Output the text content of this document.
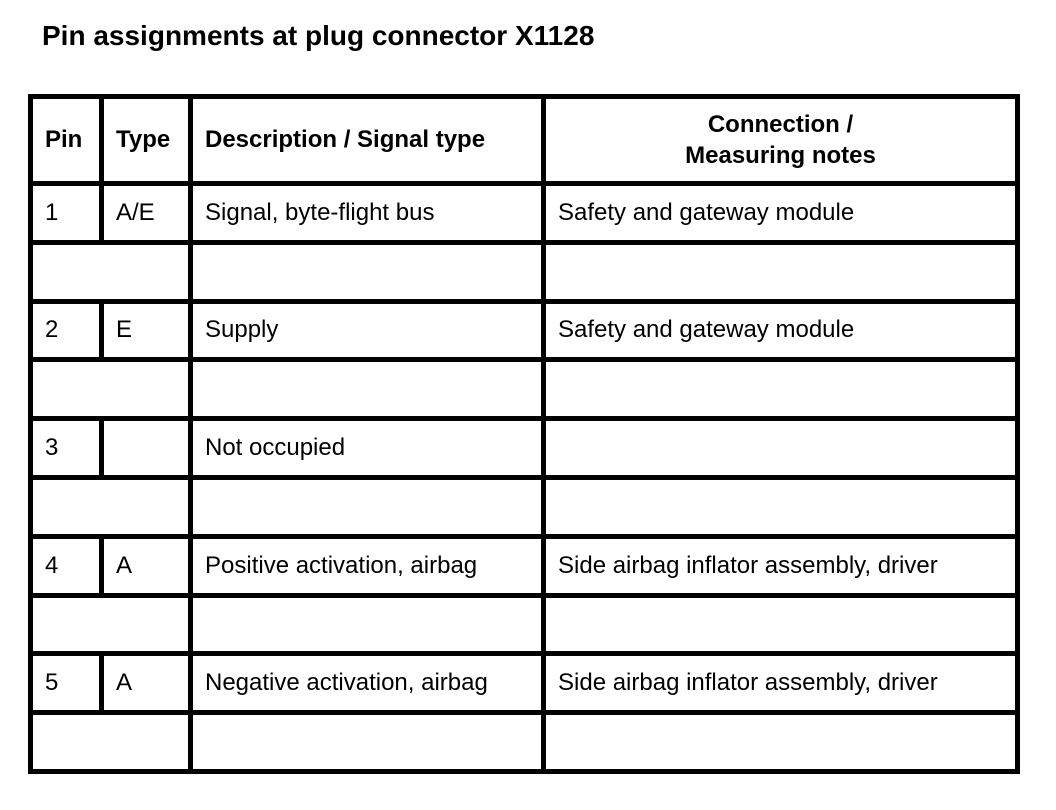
Pin assignments at plug connector X1128
Pin	Type	Description / Signal type	Connection /
Measuring notes
1	A/E	Signal, byte-flight bus	Safety and gateway module

2	E	Supply	Safety and gateway module

3		Not occupied	

4	A	Positive activation, airbag	Side airbag inflator assembly, driver

5	A	Negative activation, airbag	Side airbag inflator assembly, driver
